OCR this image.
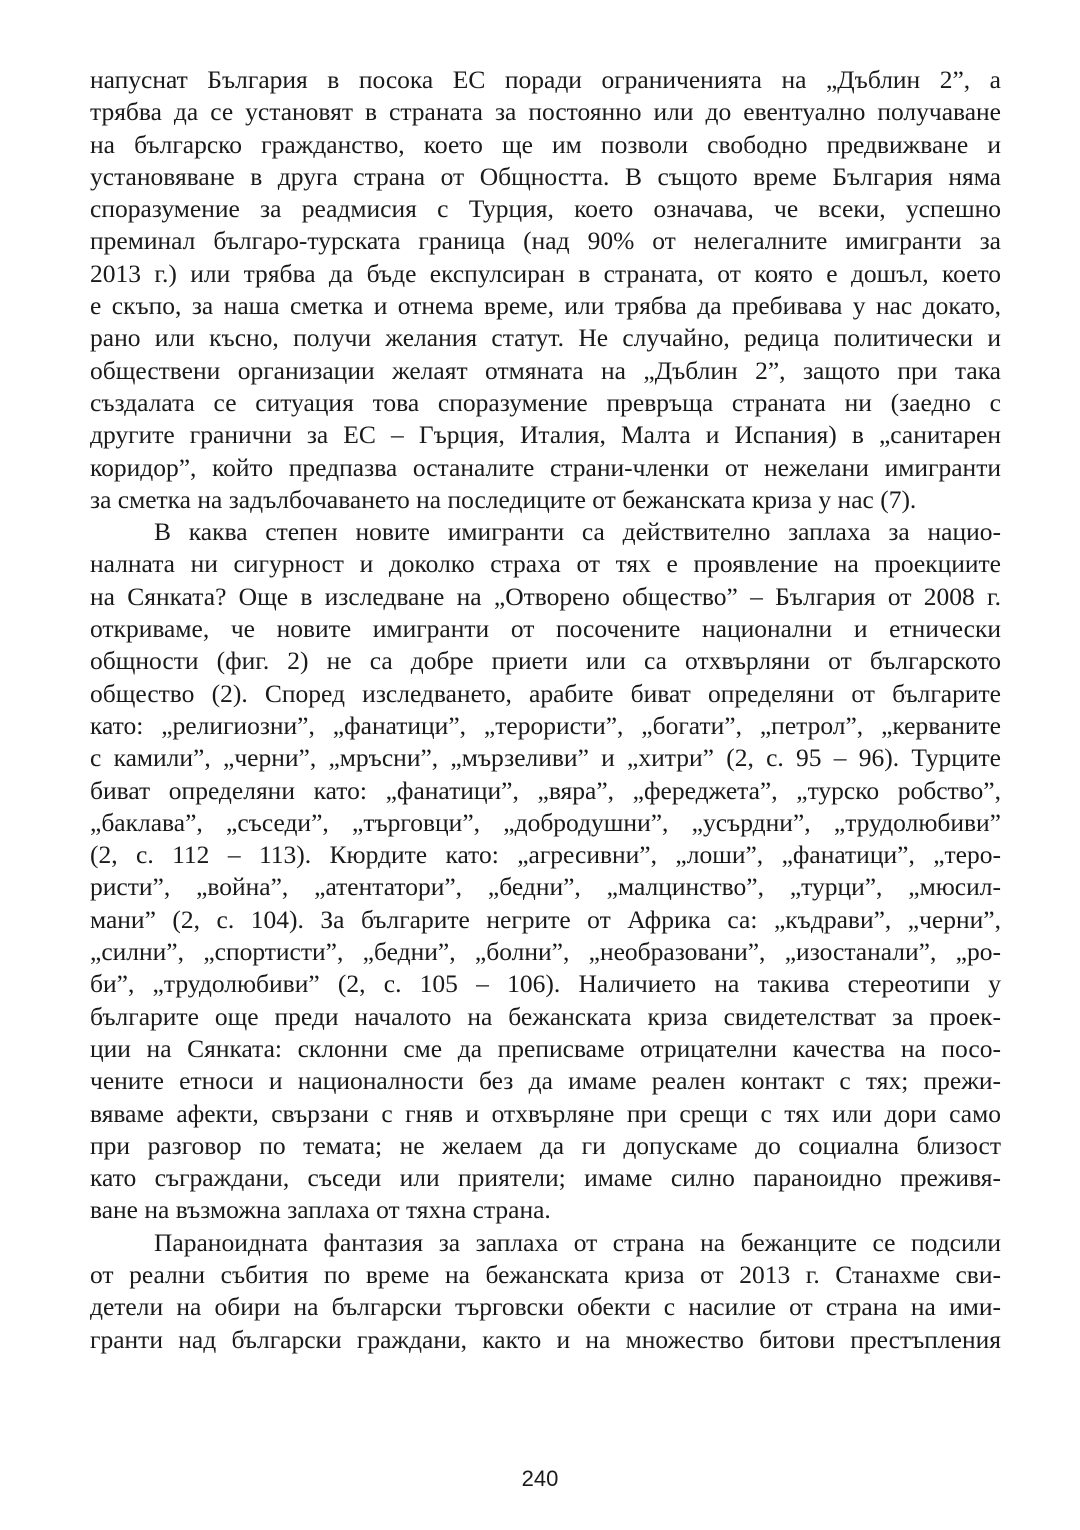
напуснат България в посока ЕС поради ограниченията на „Дъблин 2”, а
трябва да се установят в страната за постоянно или до евентуално получаване
на българско гражданство, което ще им позволи свободно предвижване и
установяване в друга страна от Общността. В същото време България няма
споразумение за реадмисия с Турция, което означава, че всеки, успешно
преминал българо-турската граница (над 90% от нелегалните имигранти за
2013 г.) или трябва да бъде експулсиран в страната, от която е дошъл, което
е скъпо, за наша сметка и отнема време, или трябва да пребивава у нас докато,
рано или късно, получи желания статут. Не случайно, редица политически и
обществени организации желаят отмяната на „Дъблин 2”, защото при така
създалата се ситуация това споразумение превръща страната ни (заедно с
другите гранични за ЕС – Гърция, Италия, Малта и Испания) в „санитарен
коридор”, който предпазва останалите страни-членки от нежелани имигранти
за сметка на задълбочаването на последиците от бежанската криза у нас (7).
В каква степен новите имигранти са действително заплаха за нацио-
налната ни сигурност и доколко страха от тях е проявление на проекциите
на Сянката? Още в изследване на „Отворено общество” – България от 2008 г.
откриваме, че новите имигранти от посочените национални и етнически
общности (фиг. 2) не са добре приети или са отхвърляни от българското
общество (2). Според изследването, арабите биват определяни от българите
като: „религиозни”, „фанатици”, „терористи”, „богати”, „петрол”, „керваните
с камили”, „черни”, „мръсни”, „мързеливи” и „хитри” (2, с. 95 – 96). Турците
биват определяни като: „фанатици”, „вяра”, „фереджета”, „турско робство”,
„баклава”, „съседи”, „търговци”, „добродушни”, „усърдни”, „трудолюбиви”
(2, с. 112 – 113). Кюрдите като: „агресивни”, „лоши”, „фанатици”, „теро-
ристи”, „война”, „атентатори”, „бедни”, „малцинство”, „турци”, „мюсил-
мани” (2, с. 104). За българите негрите от Африка са: „къдрави”, „черни”,
„силни”, „спортисти”, „бедни”, „болни”, „необразовани”, „изостанали”, „ро-
би”, „трудолюбиви” (2, с. 105 – 106). Наличието на такива стереотипи у
българите още преди началото на бежанската криза свидетелстват за проек-
ции на Сянката: склонни сме да преписваме отрицателни качества на посо-
чените етноси и националности без да имаме реален контакт с тях; прежи-
вяваме афекти, свързани с гняв и отхвърляне при срещи с тях или дори само
при разговор по темата; не желаем да ги допускаме до социална близост
като съграждани, съседи или приятели; имаме силно параноидно преживя-
ване на възможна заплаха от тяхна страна.
Параноидната фантазия за заплаха от страна на бежанците се подсили
от реални събития по време на бежанската криза от 2013 г. Станахме сви-
детели на обири на български търговски обекти с насилие от страна на ими-
гранти над български граждани, както и на множество битови престъпления
240
